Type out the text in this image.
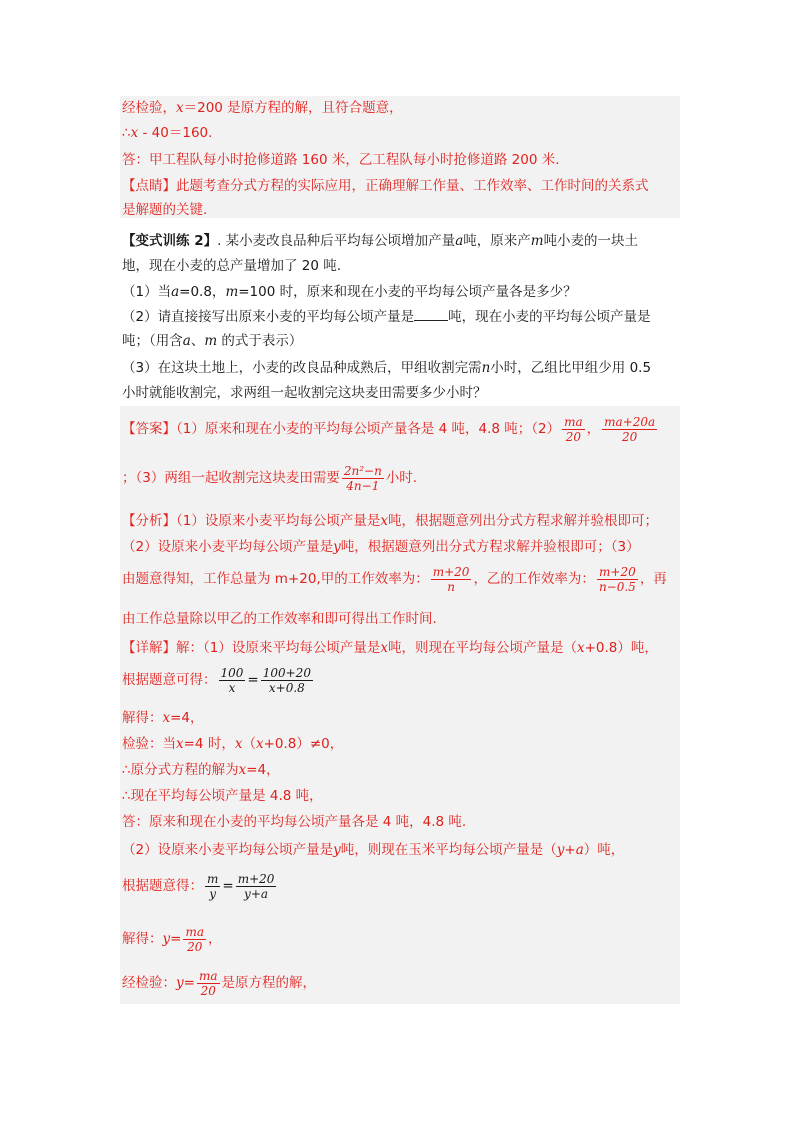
经检验，x＝200 是原方程的解，且符合题意，
∴x - 40＝160.
答：甲工程队每小时抢修道路 160 米，乙工程队每小时抢修道路 200 米.
【点睛】此题考查分式方程的实际应用，正确理解工作量、工作效率、工作时间的关系式
是解题的关键.
【变式训练 2】. 某小麦改良品种后平均每公顷增加产量a吨，原来产m吨小麦的一块土
地，现在小麦的总产量增加了 20 吨.
（1）当a=0.8，m=100 时，原来和现在小麦的平均每公顷产量各是多少？
（2）请直接接写出原来小麦的平均每公顷产量是	吨，现在小麦的平均每公顷产量是
吨；（用含a、m 的式于表示）
（3）在这块土地上，小麦的改良品种成熟后，甲组收割完需n小时，乙组比甲组少用 0.5
小时就能收割完，求两组一起收割完这块麦田需要多少小时？
【答案】（1）原来和现在小麦的平均每公顷产量各是 4 吨，4.8 吨；$(2) \frac{ma}{20}$ ， $\frac{ma+20a}{20}$
；（3）两组一起收割完这块麦田需要 $\frac{\text{2n²−n}}{4n-1}$ 小时.
【分析】（1）设原来小麦平均每公顷产量是x吨，根据题意列出分式方程求解并验根即可；
（2）设原来小麦平均每公顷产量是y吨，根据题意列出分式方程求解并验根即可；（3）
由题意得知，工作总量为 m+20,甲的工作效率为： $\frac{m+20}{n}$ ，乙的工作效率为： $\frac{m+20}{n-0.5}$ ，再
由工作总量除以甲乙的工作效率和即可得出工作时间.
【详解】解：（1）设原来平均每公顷产量是x吨，则现在平均每公顷产量是（x+0.8）吨，
根据题意可得： $\frac{100}{x} = \frac{100+20}{x+0.8}$
解得：x=4，
检验：当x=4 时，x（x+0.8）≠0，
∴原分式方程的解为x=4，
∴现在平均每公顷产量是 4.8 吨，
答：原来和现在小麦的平均每公顷产量各是 4 吨，4.8 吨.
（2）设原来小麦平均每公顷产量是y吨，则现在玉米平均每公顷产量是（y+a）吨，
根据题意得： $\frac{m}{y} = \frac{m+20}{y+a}$
解得：$y= \frac{ma}{20}$ ，
经检验：$y= \frac{ma}{20}$ 是原方程的解，
